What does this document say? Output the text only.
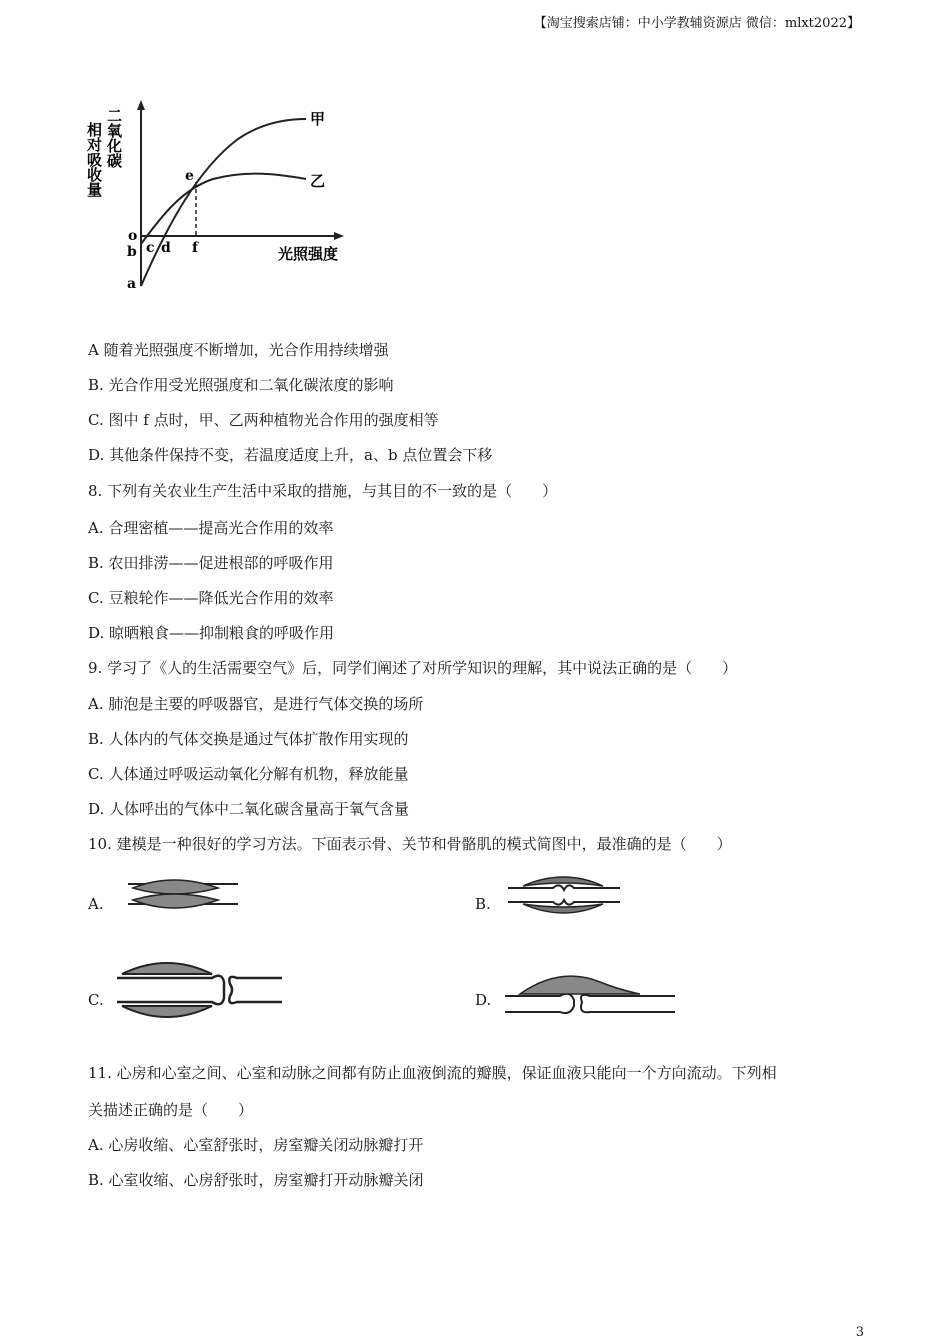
【淘宝搜索店铺：中小学教辅资源店 微信：mlxt2022】
相对吸收量 二氧化碳
光照强度
甲
乙
o
b
a
c d
e
f
A 随着光照强度不断增加，光合作用持续增强
B. 光合作用受光照强度和二氧化碳浓度的影响
C. 图中 f 点时，甲、乙两种植物光合作用的强度相等
D. 其他条件保持不变，若温度适度上升，a、b 点位置会下移
8. 下列有关农业生产生活中采取的措施，与其目的不一致的是（　　）
A. 合理密植——提高光合作用的效率
B. 农田排涝——促进根部的呼吸作用
C. 豆粮轮作——降低光合作用的效率
D. 晾晒粮食——抑制粮食的呼吸作用
9. 学习了《人的生活需要空气》后，同学们阐述了对所学知识的理解，其中说法正确的是（　　）
A. 肺泡是主要的呼吸器官，是进行气体交换的场所
B. 人体内的气体交换是通过气体扩散作用实现的
C. 人体通过呼吸运动氧化分解有机物，释放能量
D. 人体呼出的气体中二氧化碳含量高于氧气含量
10. 建模是一种很好的学习方法。下面表示骨、关节和骨骼肌的模式简图中，最准确的是（　　）
A.	B.
C.	D.
11. 心房和心室之间、心室和动脉之间都有防止血液倒流的瓣膜，保证血液只能向一个方向流动。下列相
关描述正确的是（　　）
A. 心房收缩、心室舒张时，房室瓣关闭动脉瓣打开
B. 心室收缩、心房舒张时，房室瓣打开动脉瓣关闭
3
